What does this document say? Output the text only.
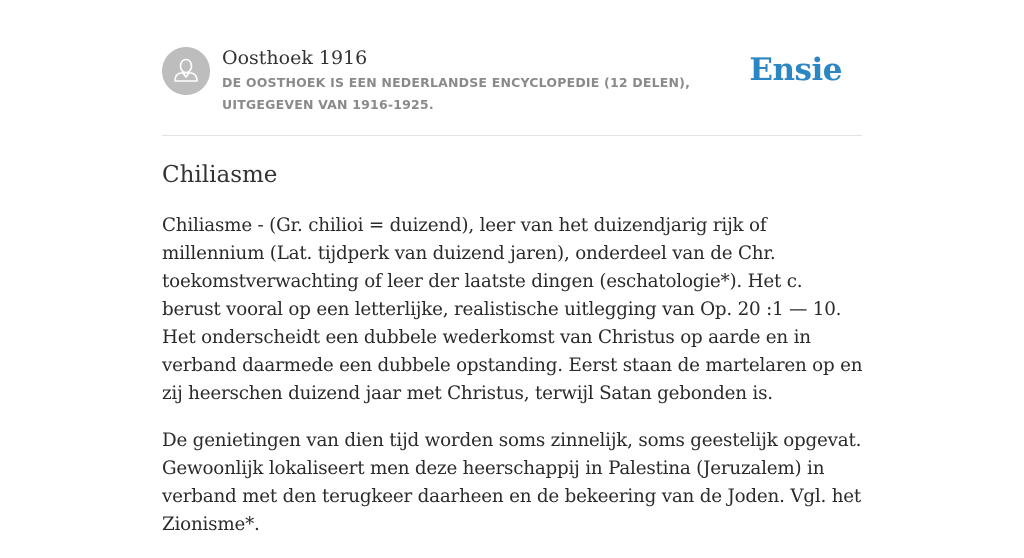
Oosthoek 1916
DE OOSTHOEK IS EEN NEDERLANDSE ENCYCLOPEDIE (12 DELEN), UITGEGEVEN VAN 1916-1925.
Ensie
Chiliasme

Chiliasme - (Gr. chilioi = duizend), leer van het duizendjarig rijk of millennium (Lat. tijdperk van duizend jaren), onderdeel van de Chr. toekomstverwachting of leer der laatste dingen (eschatologie*). Het c. berust vooral op een letterlijke, realistische uitlegging van Op. 20 :1 — 10. Het onderscheidt een dubbele wederkomst van Christus op aarde en in verband daarmede een dubbele opstanding. Eerst staan de martelaren op en zij heerschen duizend jaar met Christus, terwijl Satan gebonden is.

De genietingen van dien tijd worden soms zinnelijk, soms geestelijk opgevat. Gewoonlijk lokaliseert men deze heerschappij in Palestina (Jeruzalem) in verband met den terugkeer daarheen en de bekeering van de Joden. Vgl. het Zionisme*.
